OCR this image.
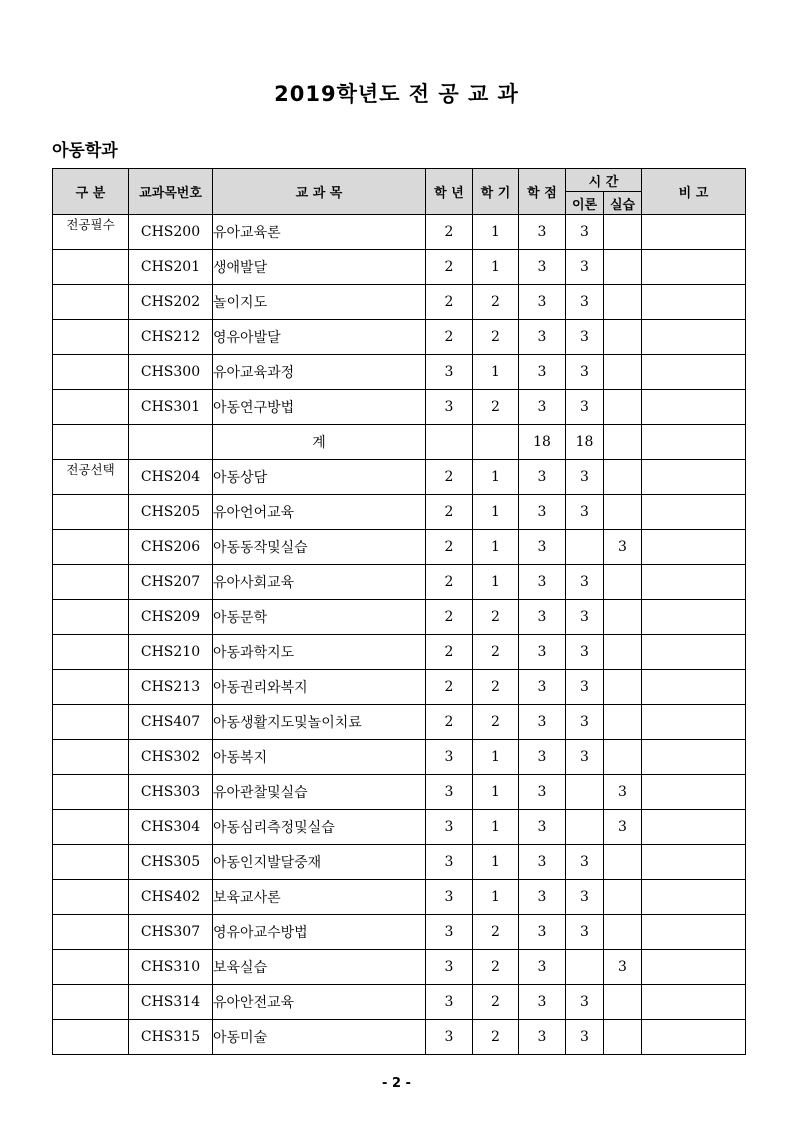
2019학년도 전 공 교 과
아동학과
구 분	교과목번호	교 과 목	학 년	학 기	학 점	시 간		비 고
						이론	실습	
전공필수	CHS200	유아교육론	2	1	3	3		
	CHS201	생애발달	2	1	3	3		
	CHS202	놀이지도	2	2	3	3		
	CHS212	영유아발달	2	2	3	3		
	CHS300	유아교육과정	3	1	3	3		
	CHS301	아동연구방법	3	2	3	3		
		계			18	18		
전공선택	CHS204	아동상담	2	1	3	3		
	CHS205	유아언어교육	2	1	3	3		
	CHS206	아동동작및실습	2	1	3		3	
	CHS207	유아사회교육	2	1	3	3		
	CHS209	아동문학	2	2	3	3		
	CHS210	아동과학지도	2	2	3	3		
	CHS213	아동권리와복지	2	2	3	3		
	CHS407	아동생활지도및놀이치료	2	2	3	3		
	CHS302	아동복지	3	1	3	3		
	CHS303	유아관찰및실습	3	1	3		3	
	CHS304	아동심리측정및실습	3	1	3		3	
	CHS305	아동인지발달중재	3	1	3	3		
	CHS402	보육교사론	3	1	3	3		
	CHS307	영유아교수방법	3	2	3	3		
	CHS310	보육실습	3	2	3		3	
	CHS314	유아안전교육	3	2	3	3		
	CHS315	아동미술	3	2	3	3		
- 2 -
